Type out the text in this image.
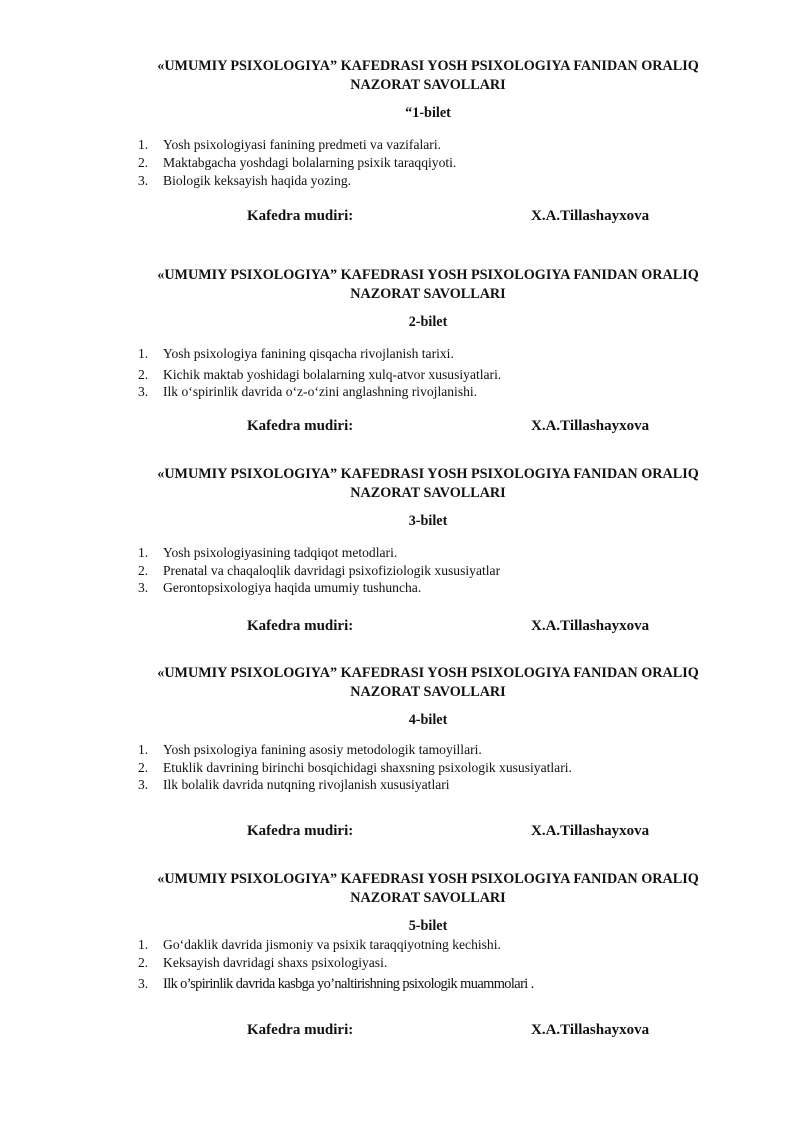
«UMUMIY PSIXOLOGIYA” KAFEDRASI YOSH PSIXOLOGIYA FANIDAN ORALIQ
NAZORAT SAVOLLARI

“1-bilet

1. Yosh psixologiyasi fanining predmeti va vazifalari.
2. Maktabgacha yoshdagi bolalarning psixik taraqqiyoti.
3. Biologik keksayish haqida yozing.
Kafedra mudiri:	X.A.Tillashayxova

«UMUMIY PSIXOLOGIYA” KAFEDRASI YOSH PSIXOLOGIYA FANIDAN ORALIQ
NAZORAT SAVOLLARI

2-bilet

1. Yosh psixologiya fanining qisqacha rivojlanish tarixi.
2. Kichik maktab yoshidagi bolalarning xulq-atvor xususiyatlari.
3. Ilk o‘spirinlik davrida o‘z-o‘zini anglashning rivojlanishi.
Kafedra mudiri:	X.A.Tillashayxova

«UMUMIY PSIXOLOGIYA” KAFEDRASI YOSH PSIXOLOGIYA FANIDAN ORALIQ
NAZORAT SAVOLLARI

3-bilet

1. Yosh psixologiyasining tadqiqot metodlari.
2. Prenatal va chaqaloqlik davridagi psixofiziologik xususiyatlar
3. Gerontopsixologiya haqida umumiy tushuncha.
Kafedra mudiri:	X.A.Tillashayxova

«UMUMIY PSIXOLOGIYA” KAFEDRASI YOSH PSIXOLOGIYA FANIDAN ORALIQ
NAZORAT SAVOLLARI

4-bilet

1. Yosh psixologiya fanining asosiy metodologik tamoyillari.
2. Etuklik davrining birinchi bosqichidagi shaxsning psixologik xususiyatlari.
3. Ilk bolalik davrida nutqning rivojlanish xususiyatlari
Kafedra mudiri:	X.A.Tillashayxova

«UMUMIY PSIXOLOGIYA” KAFEDRASI YOSH PSIXOLOGIYA FANIDAN ORALIQ
NAZORAT SAVOLLARI

5-bilet

1. Go‘daklik davrida jismoniy va psixik taraqqiyotning kechishi.
2. Keksayish davridagi shaxs psixologiyasi.
3. Ilk o’spirinlik davrida kasbga yo’naltirishning psixologik muammolari .
Kafedra mudiri:	X.A.Tillashayxova
